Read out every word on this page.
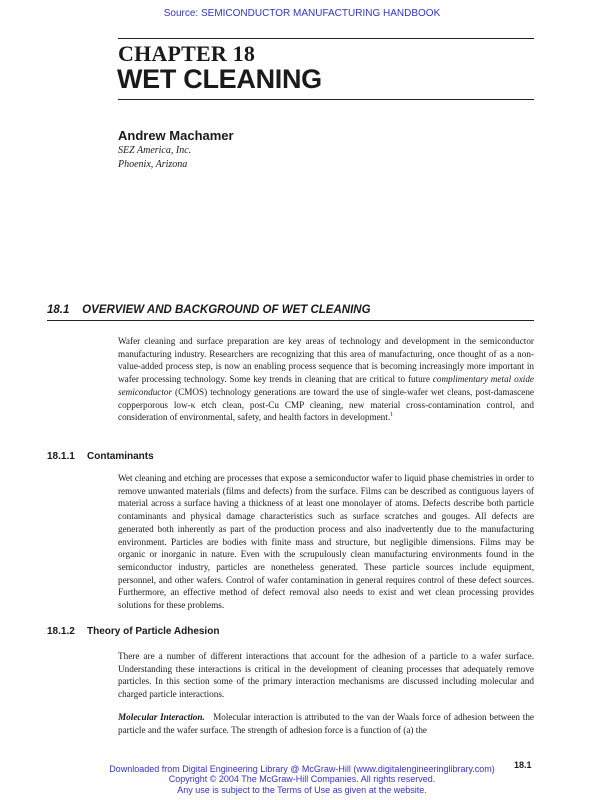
Source: SEMICONDUCTOR MANUFACTURING HANDBOOK
CHAPTER 18
WET CLEANING
Andrew Machamer
SEZ America, Inc.
Phoenix, Arizona
18.1    OVERVIEW AND BACKGROUND OF WET CLEANING

Wafer cleaning and surface preparation are key areas of technology and development in the semiconductor manufacturing industry. Researchers are recognizing that this area of manufacturing, once thought of as a non-value-added process step, is now an enabling process sequence that is becoming increasingly more important in wafer processing technology. Some key trends in cleaning that are critical to future complimentary metal oxide semiconductor (CMOS) technology generations are toward the use of single-wafer wet cleans, post-damascene copperporous low-κ etch clean, post-Cu CMP cleaning, new material cross-contamination control, and consideration of environmental, safety, and health factors in development.$^1$

18.1.1 Contaminants

Wet cleaning and etching are processes that expose a semiconductor wafer to liquid phase chemistries in order to remove unwanted materials (films and defects) from the surface. Films can be described as contiguous layers of material across a surface having a thickness of at least one monolayer of atoms. Defects describe both particle contaminants and physical damage characteristics such as surface scratches and gouges. All defects are generated both inherently as part of the production process and also inadvertently due to the manufacturing environment. Particles are bodies with finite mass and structure, but negligible dimensions. Films may be organic or inorganic in nature. Even with the scrupulously clean manufacturing environments found in the semiconductor industry, particles are nonetheless generated. These particle sources include equipment, personnel, and other wafers. Control of wafer contamination in general requires control of these defect sources. Furthermore, an effective method of defect removal also needs to exist and wet clean processing provides solutions for these problems.

18.1.2 Theory of Particle Adhesion

There are a number of different interactions that account for the adhesion of a particle to a wafer surface. Understanding these interactions is critical in the development of cleaning processes that adequately remove particles. In this section some of the primary interaction mechanisms are discussed including molecular and charged particle interactions.

Molecular Interaction. Molecular interaction is attributed to the van der Waals force of adhesion between the particle and the wafer surface. The strength of adhesion force is a function of (a) the

18.1
Downloaded from Digital Engineering Library @ McGraw-Hill (www.digitalengineeringlibrary.com)
Copyright © 2004 The McGraw-Hill Companies. All rights reserved.
Any use is subject to the Terms of Use as given at the website.
